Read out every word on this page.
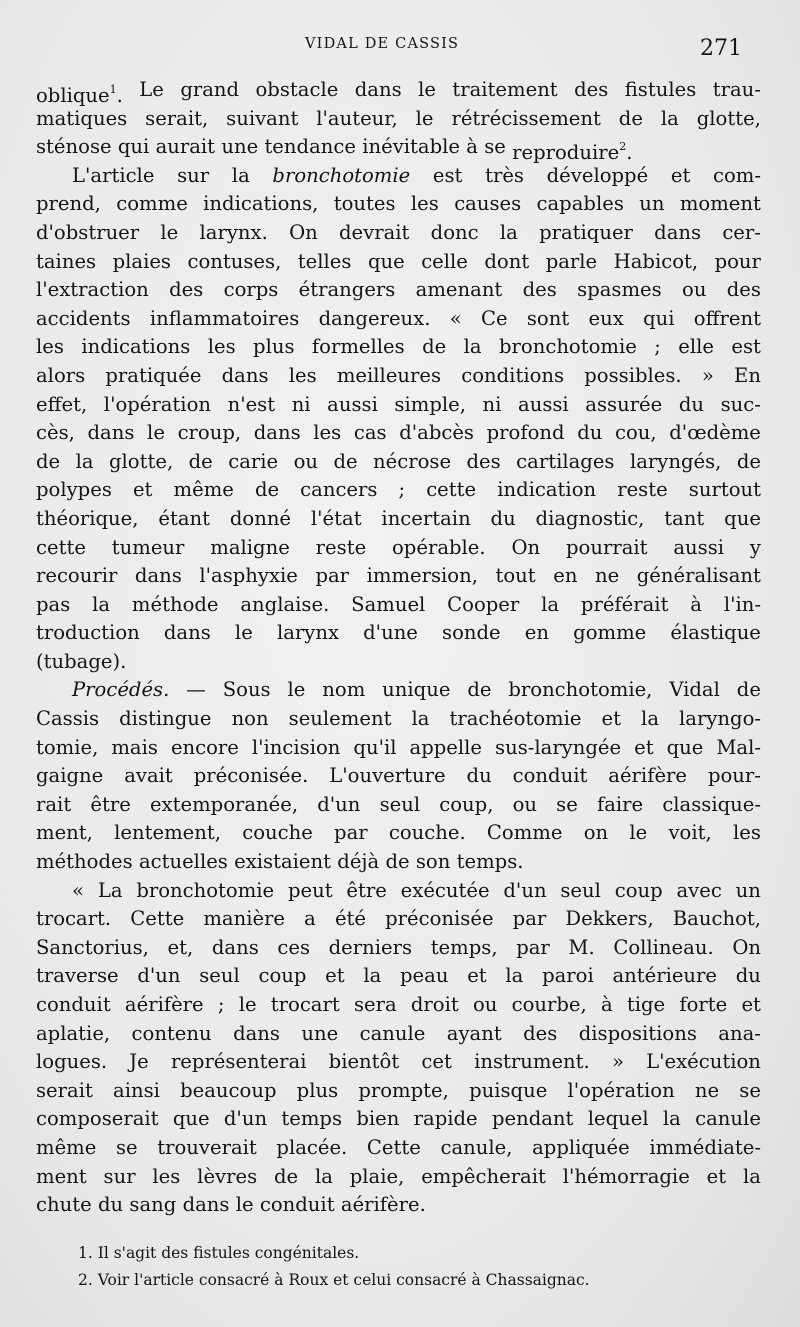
VIDAL DE CASSIS	271
oblique$^1$. Le grand obstacle dans le traitement des fistules trau-
matiques serait, suivant l'auteur, le rétrécissement de la glotte,
sténose qui aurait une tendance inévitable à se reproduire$^2$.
L'article sur la bronchotomie est très développé et com-
prend, comme indications, toutes les causes capables un moment
d'obstruer le larynx. On devrait donc la pratiquer dans cer-
taines plaies contuses, telles que celle dont parle Habicot, pour
l'extraction des corps étrangers amenant des spasmes ou des
accidents inflammatoires dangereux. « Ce sont eux qui offrent
les indications les plus formelles de la bronchotomie ; elle est
alors pratiquée dans les meilleures conditions possibles. » En
effet, l'opération n'est ni aussi simple, ni aussi assurée du suc-
cès, dans le croup, dans les cas d'abcès profond du cou, d'œdème
de la glotte, de carie ou de nécrose des cartilages laryngés, de
polypes et même de cancers ; cette indication reste surtout
théorique, étant donné l'état incertain du diagnostic, tant que
cette tumeur maligne reste opérable. On pourrait aussi y
recourir dans l'asphyxie par immersion, tout en ne généralisant
pas la méthode anglaise. Samuel Cooper la préférait à l'in-
troduction dans le larynx d'une sonde en gomme élastique
(tubage).
Procédés. — Sous le nom unique de bronchotomie, Vidal de
Cassis distingue non seulement la trachéotomie et la laryngo-
tomie, mais encore l'incision qu'il appelle sus-laryngée et que Mal-
gaigne avait préconisée. L'ouverture du conduit aérifère pour-
rait être extemporanée, d'un seul coup, ou se faire classique-
ment, lentement, couche par couche. Comme on le voit, les
méthodes actuelles existaient déjà de son temps.
« La bronchotomie peut être exécutée d'un seul coup avec un
trocart. Cette manière a été préconisée par Dekkers, Bauchot,
Sanctorius, et, dans ces derniers temps, par M. Collineau. On
traverse d'un seul coup et la peau et la paroi antérieure du
conduit aérifère ; le trocart sera droit ou courbe, à tige forte et
aplatie, contenu dans une canule ayant des dispositions ana-
logues. Je représenterai bientôt cet instrument. » L'exécution
serait ainsi beaucoup plus prompte, puisque l'opération ne se
composerait que d'un temps bien rapide pendant lequel la canule
même se trouverait placée. Cette canule, appliquée immédiate-
ment sur les lèvres de la plaie, empêcherait l'hémorragie et la
chute du sang dans le conduit aérifère.
1. Il s'agit des fistules congénitales.
2. Voir l'article consacré à Roux et celui consacré à Chassaignac.
